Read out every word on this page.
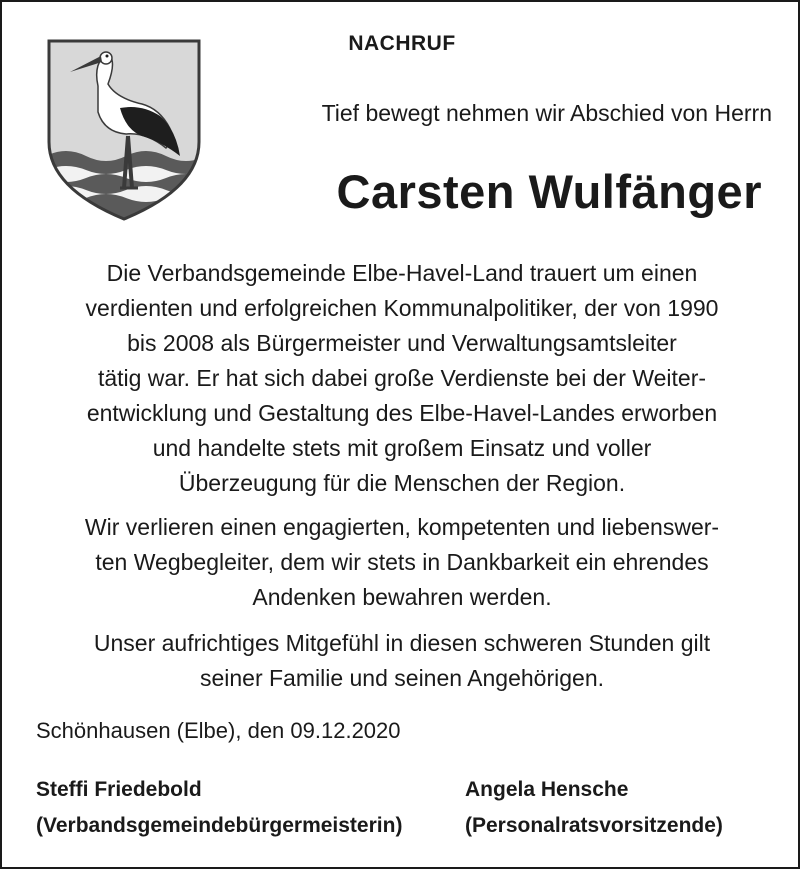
NACHRUF
Tief bewegt nehmen wir Abschied von Herrn
Carsten Wulfänger

Die Verbandsgemeinde Elbe-Havel-Land trauert um einen
verdienten und erfolgreichen Kommunalpolitiker, der von 1990
bis 2008 als Bürgermeister und Verwaltungsamtsleiter
tätig war. Er hat sich dabei große Verdienste bei der Weiter-
entwicklung und Gestaltung des Elbe-Havel-Landes erworben
und handelte stets mit großem Einsatz und voller
Überzeugung für die Menschen der Region.

Wir verlieren einen engagierten, kompetenten und liebenswer-
ten Wegbegleiter, dem wir stets in Dankbarkeit ein ehrendes
Andenken bewahren werden.

Unser aufrichtiges Mitgefühl in diesen schweren Stunden gilt
seiner Familie und seinen Angehörigen.

Schönhausen (Elbe), den 09.12.2020
Steffi Friedebold
(Verbandsgemeindebürgermeisterin)
Angela Hensche
(Personalratsvorsitzende)
